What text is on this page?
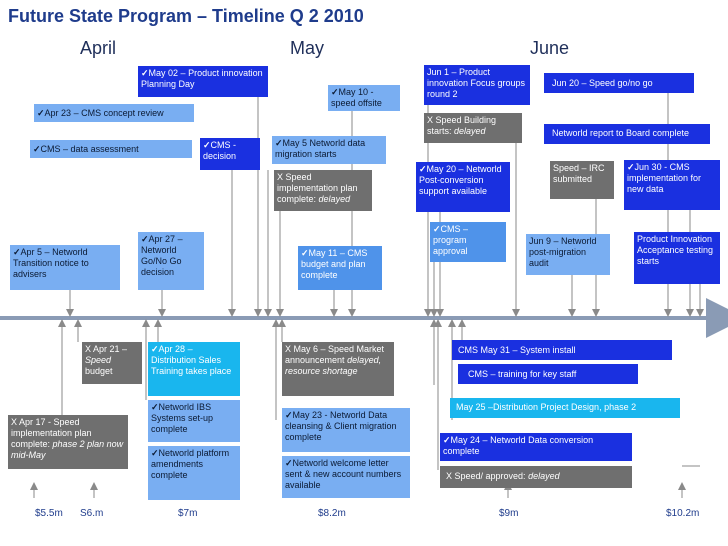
Future State Program – Timeline Q 2 2010
April	May	June
✓ May 02 – Product innovation Planning Day
✓ May 10 - speed offsite
Jun 1 – Product innovation Focus groups round 2
Jun 20 – Speed go/no go
✓ Apr 23 – CMS concept review
X Speed Building starts: delayed	Networld report to Board complete
✓ CMS – data assessment	✓ CMS - decision
✓ May 5 Networld data migration starts
X Speed implementation plan complete: delayed
✓ May 20 – Networld Post-conversion support available
Speed – IRC submitted
✓ Jun 30 - CMS implementation for new data
✓ CMS – program approval
Jun 9 – Networld post-migration audit
Product Innovation Acceptance testing starts
✓ Apr 27 – Networld Go/No Go decision
✓ Apr 5 – Networld Transition notice to advisers
✓ May 11 – CMS budget and plan complete
X Apr 21 – Speed budget
✓ Apr 28 – Distribution Sales Training takes place
X May 6 – Speed Market announcement delayed, resource shortage
CMS May 31 – System install
CMS – training for key staff
May 25 –Distribution Project Design, phase 2
✓ Networld IBS Systems set-up complete
✓ May 23 - Networld Data cleansing & Client migration complete	✓ May 24 – Networld Data conversion complete
X Apr 17 - Speed implementation plan complete: phase 2 plan now mid-May	✓ Networld platform amendments complete
✓ Networld welcome letter sent & new account numbers available
X Speed/ approved: delayed
$5.5m S6.m	$7m	$8.2m	$9m	$10.2m
